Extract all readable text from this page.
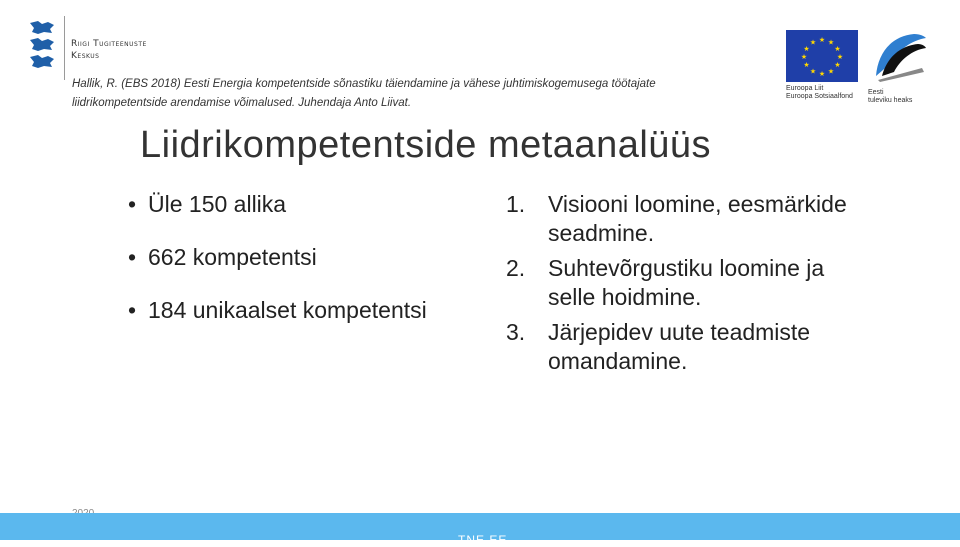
Riigi Tugiteenuste
Keskus
Hallik, R. (EBS 2018) Eesti Energia kompetentside sõnastiku täiendamine ja vähese juhtimiskogemusega töötajate
liidrikompetentside arendamise võimalused. Juhendaja Anto Liivat.
★ ★
★
★
★
★
★
★
★
★
★
★
Euroopa Liit
Euroopa Sotsiaalfond
Eesti
tuleviku heaks
Liidrikompetentside metaanalüüs
• Üle 150 allika
• 662 kompetentsi
• 184 unikaalset kompetentsi
1. Visiooni loomine, eesmärkide seadmine.
2. Suhtevõrgustiku loomine ja selle hoidmine.
3. Järjepidev uute teadmiste omandamine.
TNE EE
